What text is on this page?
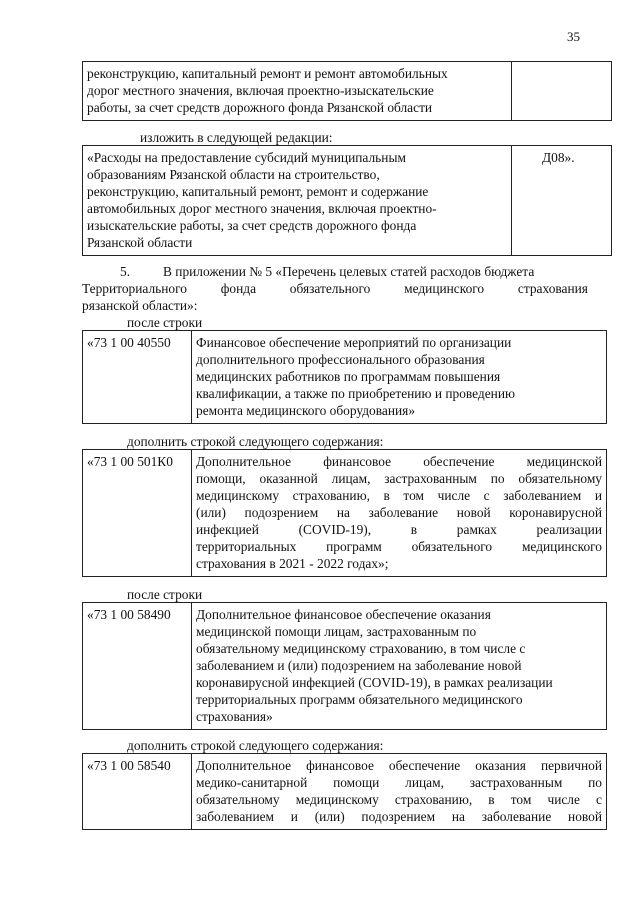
35
реконструкцию, капитальный ремонт и ремонт автомобильных
дорог местного значения, включая проектно-изыскательские
работы, за счет средств дорожного фонда Рязанской области

изложить в следующей редакции:
«Расходы на предоставление субсидий муниципальным
образованиям Рязанской области на строительство,
реконструкцию, капитальный ремонт, ремонт и содержание
автомобильных дорог местного значения, включая проектно-
изыскательские работы, за счет средств дорожного фонда
Рязанской области
	Д08».
5. В приложении № 5 «Перечень целевых статей расходов бюджета
Территориального	фонда	обязательного	медицинского	страхования
рязанской области»:
после строки
«73 1 00 40550	Финансовое обеспечение мероприятий по организации
дополнительного профессионального образования
медицинских работников по программам повышения
квалификации, а также по приобретению и проведению
ремонта медицинского оборудования»
дополнить строкой следующего содержания:
«73 1 00 501К0	Дополнительное финансовое обеспечение медицинской
помощи, оказанной лицам, застрахованным по обязательному
медицинскому страхованию, в том числе с заболеванием и
(или) подозрением на заболевание новой коронавирусной
инфекцией (COVID-19), в рамках реализации
территориальных программ обязательного медицинского
страхования в 2021 - 2022 годах»;
после строки
«73 1 00 58490	Дополнительное финансовое обеспечение оказания
медицинской помощи лицам, застрахованным по
обязательному медицинскому страхованию, в том числе с
заболеванием и (или) подозрением на заболевание новой
коронавирусной инфекцией (COVID-19), в рамках реализации
территориальных программ обязательного медицинского
страхования»
дополнить строкой следующего содержания:
«73 1 00 58540	Дополнительное финансовое обеспечение оказания первичной
медико-санитарной помощи лицам, застрахованным по
обязательному медицинскому страхованию, в том числе с
заболеванием и (или) подозрением на заболевание новой
